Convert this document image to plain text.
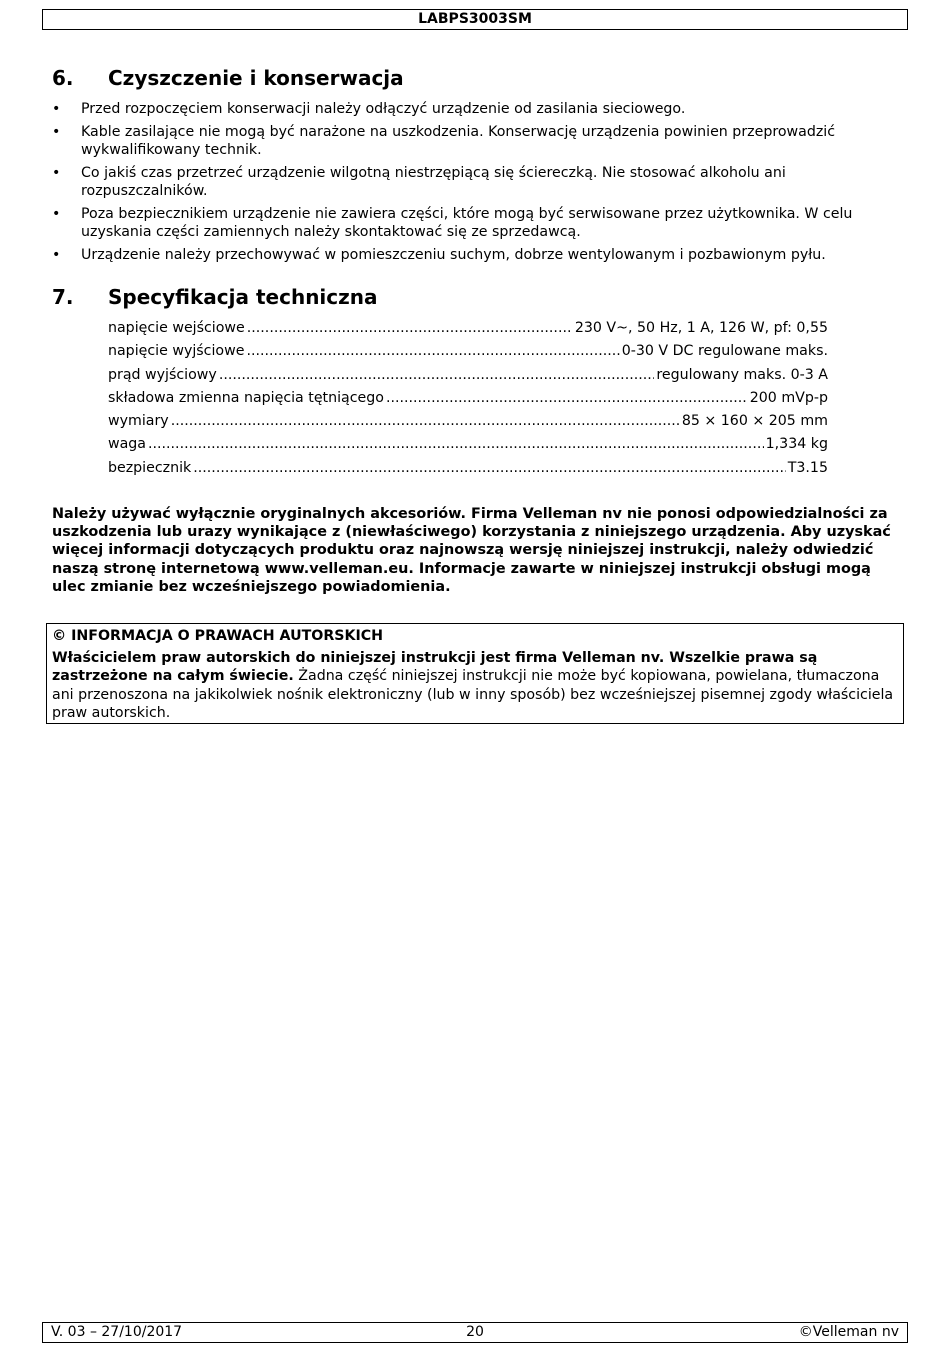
LABPS3003SM
6. Czyszczenie i konserwacja
• Przed rozpoczęciem konserwacji należy odłączyć urządzenie od zasilania sieciowego.
• Kable zasilające nie mogą być narażone na uszkodzenia. Konserwację urządzenia powinien przeprowadzić wykwalifikowany technik.
• Co jakiś czas przetrzeć urządzenie wilgotną niestrzępiącą się ściereczką. Nie stosować alkoholu ani rozpuszczalników.
• Poza bezpiecznikiem urządzenie nie zawiera części, które mogą być serwisowane przez użytkownika. W celu uzyskania części zamiennych należy skontaktować się ze sprzedawcą.
• Urządzenie należy przechowywać w pomieszczeniu suchym, dobrze wentylowanym i pozbawionym pyłu.
7. Specyfikacja techniczna
napięcie wejściowe .....	230 V~, 50 Hz, 1 A, 126 W, pf: 0,55
napięcie wyjściowe .....	0-30 V DC regulowane maks.
prąd wyjściowy .....	regulowany maks. 0-3 A
składowa zmienna napięcia tętniącego .....	200 mVp-p
wymiary .....	85 × 160 × 205 mm
waga .....	1,334 kg
bezpiecznik .....	T3.15

Należy używać wyłącznie oryginalnych akcesoriów. Firma Velleman nv nie ponosi odpowiedzialności za uszkodzenia lub urazy wynikające z (niewłaściwego) korzystania z niniejszego urządzenia. Aby uzyskać więcej informacji dotyczących produktu oraz najnowszą wersję niniejszej instrukcji, należy odwiedzić naszą stronę internetową www.velleman.eu. Informacje zawarte w niniejszej instrukcji obsługi mogą ulec zmianie bez wcześniejszego powiadomienia.

© INFORMACJA O PRAWACH AUTORSKICH

Właścicielem praw autorskich do niniejszej instrukcji jest firma Velleman nv. Wszelkie prawa są zastrzeżone na całym świecie. Żadna część niniejszej instrukcji nie może być kopiowana, powielana, tłumaczona ani przenoszona na jakikolwiek nośnik elektroniczny (lub w inny sposób) bez wcześniejszej pisemnej zgody właściciela praw autorskich.

V. 03 – 27/10/2017	20	©Velleman nv
